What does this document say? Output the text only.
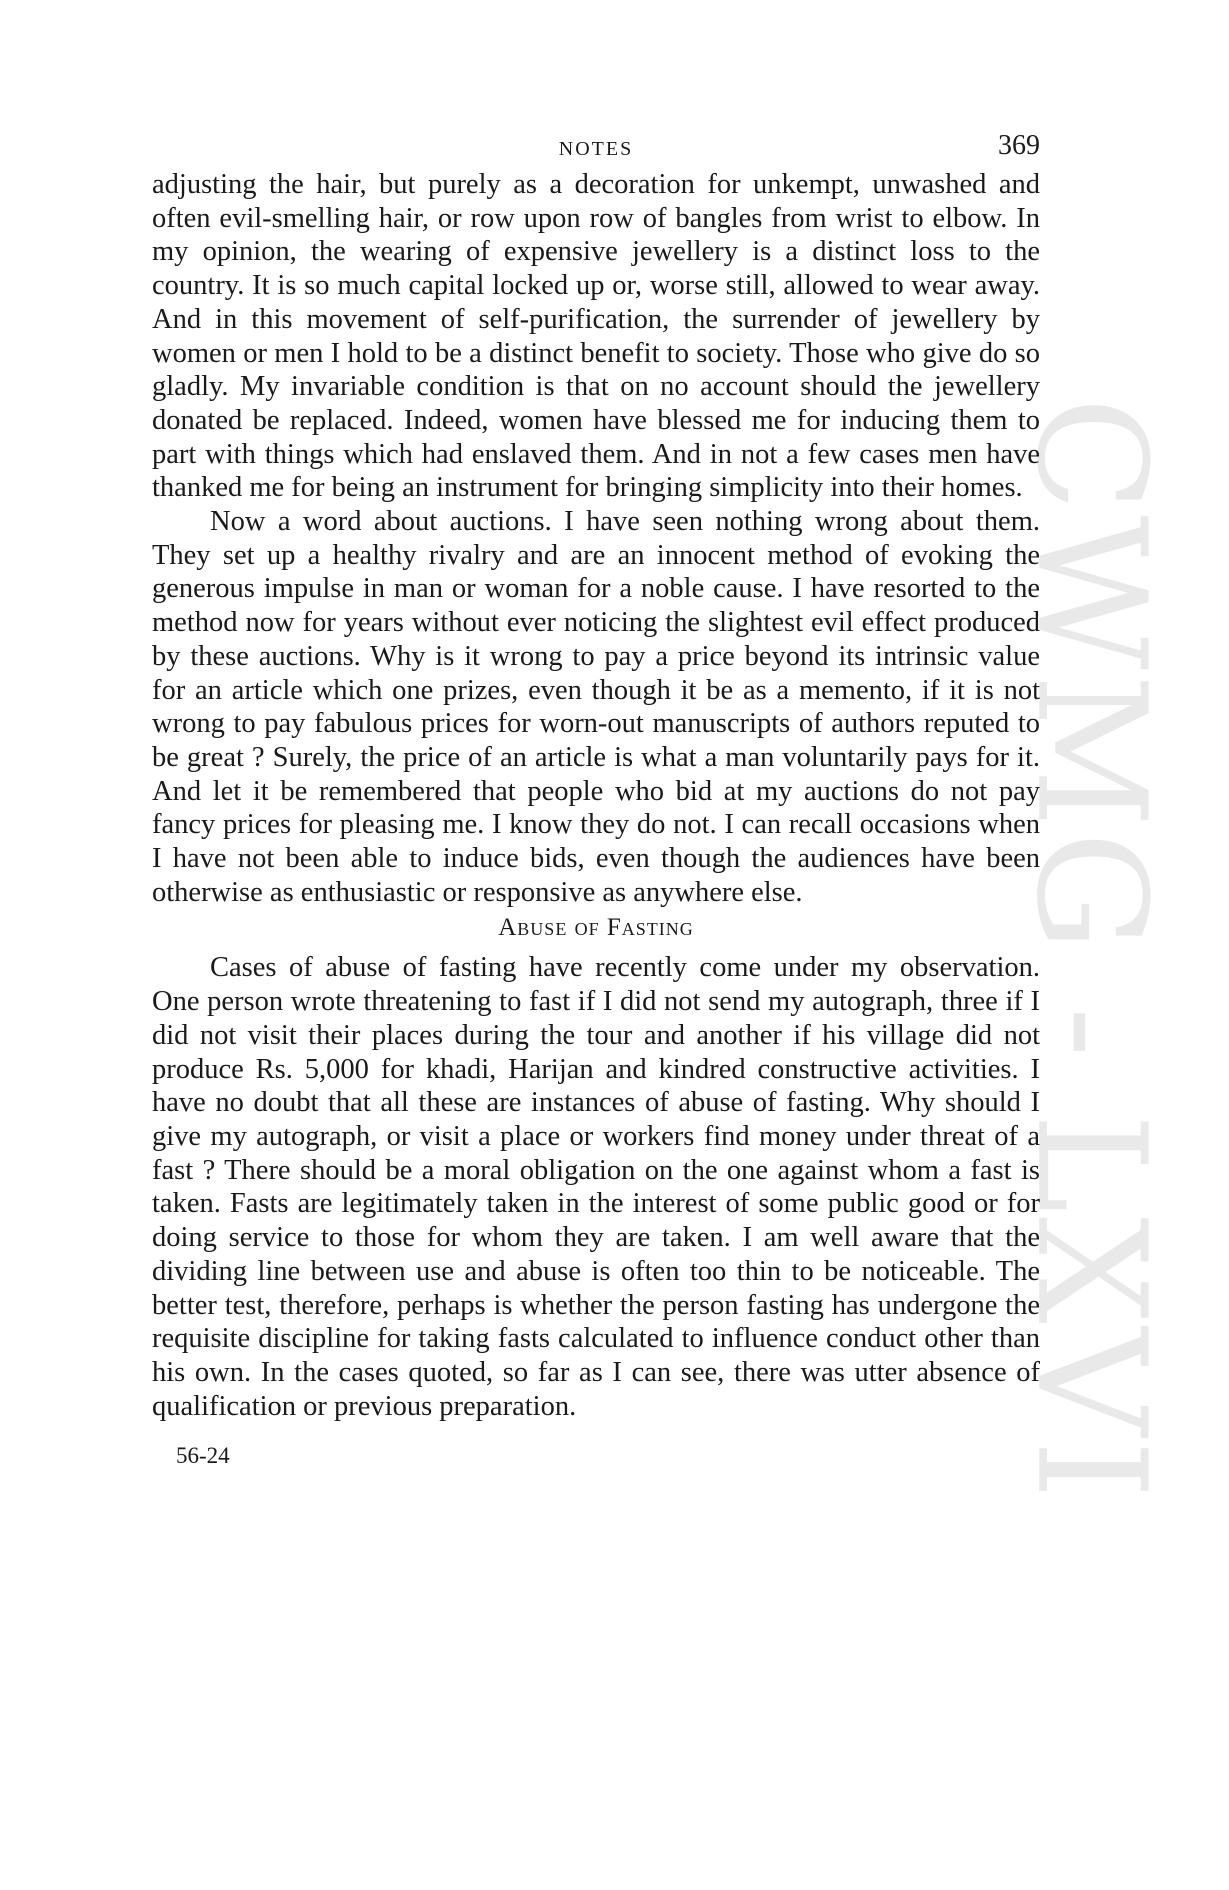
CWMG - LXVI
NOTES	369

adjusting the hair, but purely as a decoration for unkempt, unwashed and often evil-smelling hair, or row upon row of bangles from wrist to elbow. In my opinion, the wearing of expensive jewellery is a distinct loss to the country. It is so much capital locked up or, worse still, allowed to wear away. And in this movement of self-purification, the surrender of jewellery by women or men I hold to be a distinct benefit to society. Those who give do so gladly. My invariable condition is that on no account should the jewellery donated be replaced. Indeed, women have blessed me for inducing them to part with things which had enslaved them. And in not a few cases men have thanked me for being an instrument for bringing simplicity into their homes.

Now a word about auctions. I have seen nothing wrong about them. They set up a healthy rivalry and are an innocent method of evoking the generous impulse in man or woman for a noble cause. I have resorted to the method now for years without ever noticing the slightest evil effect produced by these auctions. Why is it wrong to pay a price beyond its intrinsic value for an article which one prizes, even though it be as a memento, if it is not wrong to pay fabulous prices for worn-out manuscripts of authors reputed to be great ? Surely, the price of an article is what a man voluntarily pays for it. And let it be remembered that people who bid at my auctions do not pay fancy prices for pleasing me. I know they do not. I can recall occasions when I have not been able to induce bids, even though the audiences have been otherwise as enthusiastic or responsive as anywhere else.

Abuse of Fasting

Cases of abuse of fasting have recently come under my observation. One person wrote threatening to fast if I did not send my autograph, three if I did not visit their places during the tour and another if his village did not produce Rs. 5,000 for khadi, Harijan and kindred constructive activities. I have no doubt that all these are instances of abuse of fasting. Why should I give my autograph, or visit a place or workers find money under threat of a fast ? There should be a moral obligation on the one against whom a fast is taken. Fasts are legitimately taken in the interest of some public good or for doing service to those for whom they are taken. I am well aware that the dividing line between use and abuse is often too thin to be noticeable. The better test, therefore, perhaps is whether the person fasting has undergone the requisite discipline for taking fasts calculated to influence conduct other than his own. In the cases quoted, so far as I can see, there was utter absence of qualification or previous preparation.

56-24
